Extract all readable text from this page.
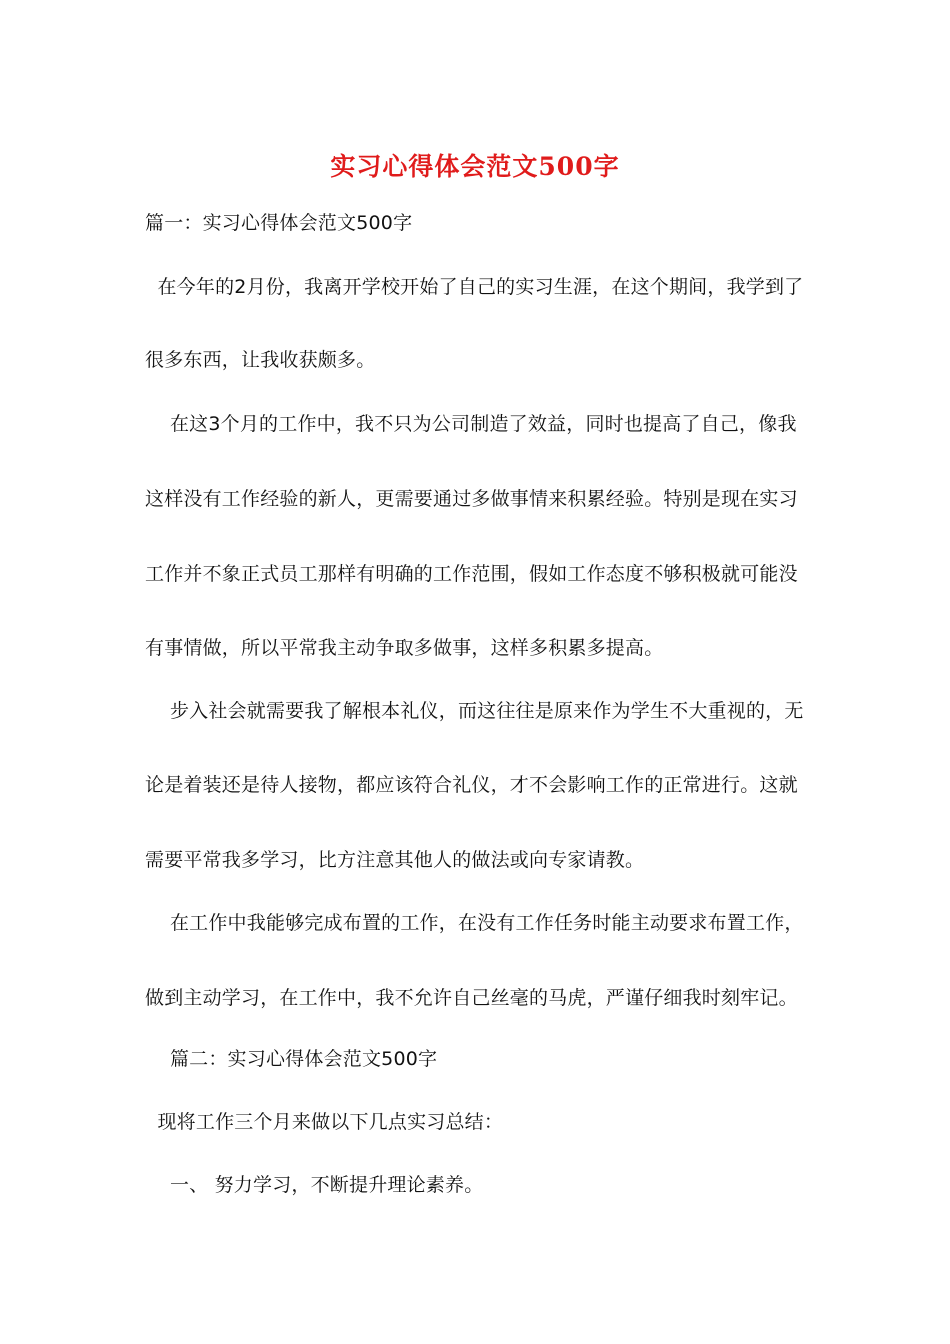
实习心得体会范文500字
篇一：实习心得体会范文500字
在今年的2月份，我离开学校开始了自己的实习生涯，在这个期间，我学到了
很多东西，让我收获颇多。
在这3个月的工作中，我不只为公司制造了效益，同时也提高了自己，像我
这样没有工作经验的新人，更需要通过多做事情来积累经验。特别是现在实习
工作并不象正式员工那样有明确的工作范围，假如工作态度不够积极就可能没
有事情做，所以平常我主动争取多做事，这样多积累多提高。
步入社会就需要我了解根本礼仪，而这往往是原来作为学生不大重视的，无
论是着装还是待人接物，都应该符合礼仪，才不会影响工作的正常进行。这就
需要平常我多学习，比方注意其他人的做法或向专家请教。
在工作中我能够完成布置的工作，在没有工作任务时能主动要求布置工作，
做到主动学习，在工作中，我不允许自己丝毫的马虎，严谨仔细我时刻牢记。
篇二：实习心得体会范文500字
现将工作三个月来做以下几点实习总结：
一、 努力学习，不断提升理论素养。
